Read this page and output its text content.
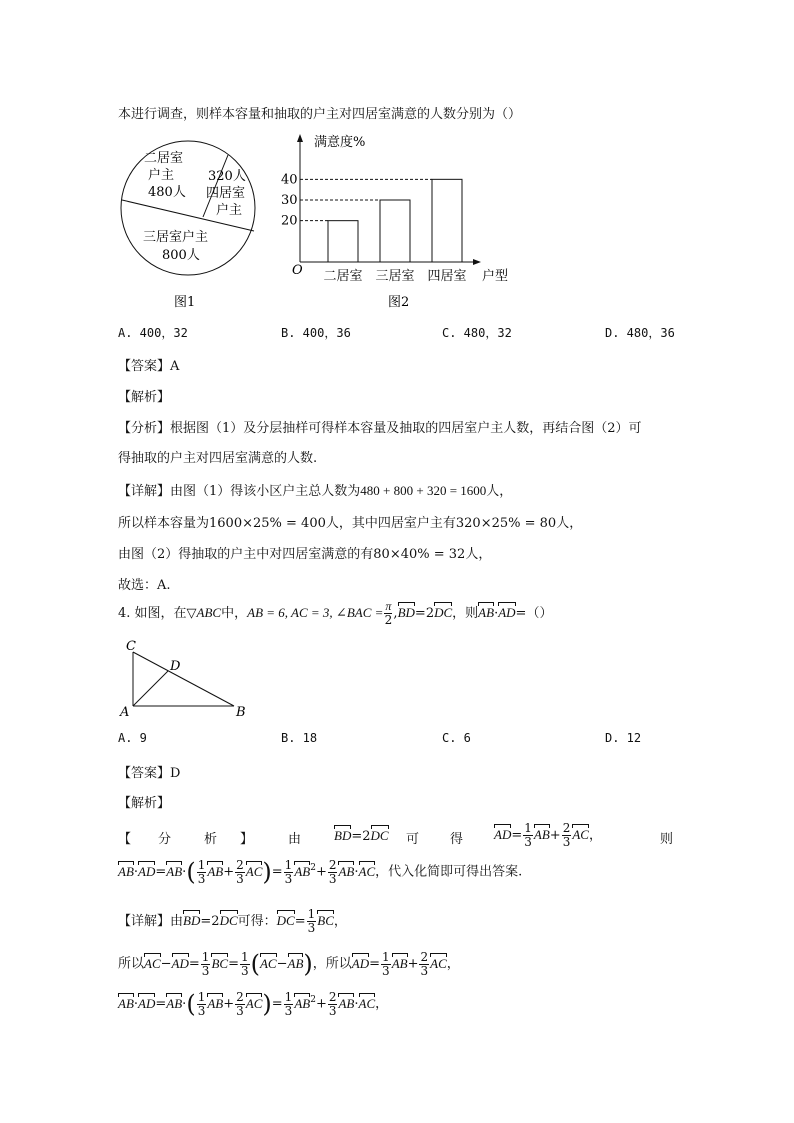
本进行调查，则样本容量和抽取的户主对四居室满意的人数分别为（）
二居室
户主
480人
320人
四居室
户主
三居室户主
800人
图1
满意度%
O	户型
20
30
40
二居室 三居室 四居室
图2
A. 400，32	B. 400，36	C. 480，32	D. 480，36
【答案】A
【解析】
【分析】根据图（1）及分层抽样可得样本容量及抽取的四居室户主人数，再结合图（2）可
得抽取的户主对四居室满意的人数.
【详解】由图（1）得该小区户主总人数为480 + 800 + 320 = 1600人，
所以样本容量为1600×25% = 400人，其中四居室户主有320×25% = 80人，
由图（2）得抽取的户主中对四居室满意的有80×40% = 32人，
故选：A.
4. 如图，在▽ABC中，AB = 6, AC = 3, ∠BAC = $\frac{\pi}{2} ,BD=2DC$，则AB·AD=（）
C
D
A	B
A. 9	B. 18	C. 6	D. 12
【答案】D
【解析】
【 分	析 】	由	BD=2DC 可 得 $AD= \frac{1}{3} AB+ \frac{2}{3}$ AC，	则
$AB\cdot AD=AB\cdot( \frac{1}{3} AB+ \frac{2}{3} AC)= \frac{1}{3} AB^2+ \frac{2}{3} AB\cdot AC$，代入化简即可得出答案.
【详解】由BD=2DC可得：$DC= \frac{1}{3}$ BC，
所以$AC-AD= \frac{1}{3} BC= \frac{1}{3} (AC-AB)$，所以$AD= \frac{1}{3} AB+ \frac{2}{3}$ AC，
$AB\cdot AD=AB\cdot( \frac{1}{3} AB+ \frac{2}{3} AC)= \frac{1}{3} AB^2+ \frac{2}{3} AB\cdot AC$，
